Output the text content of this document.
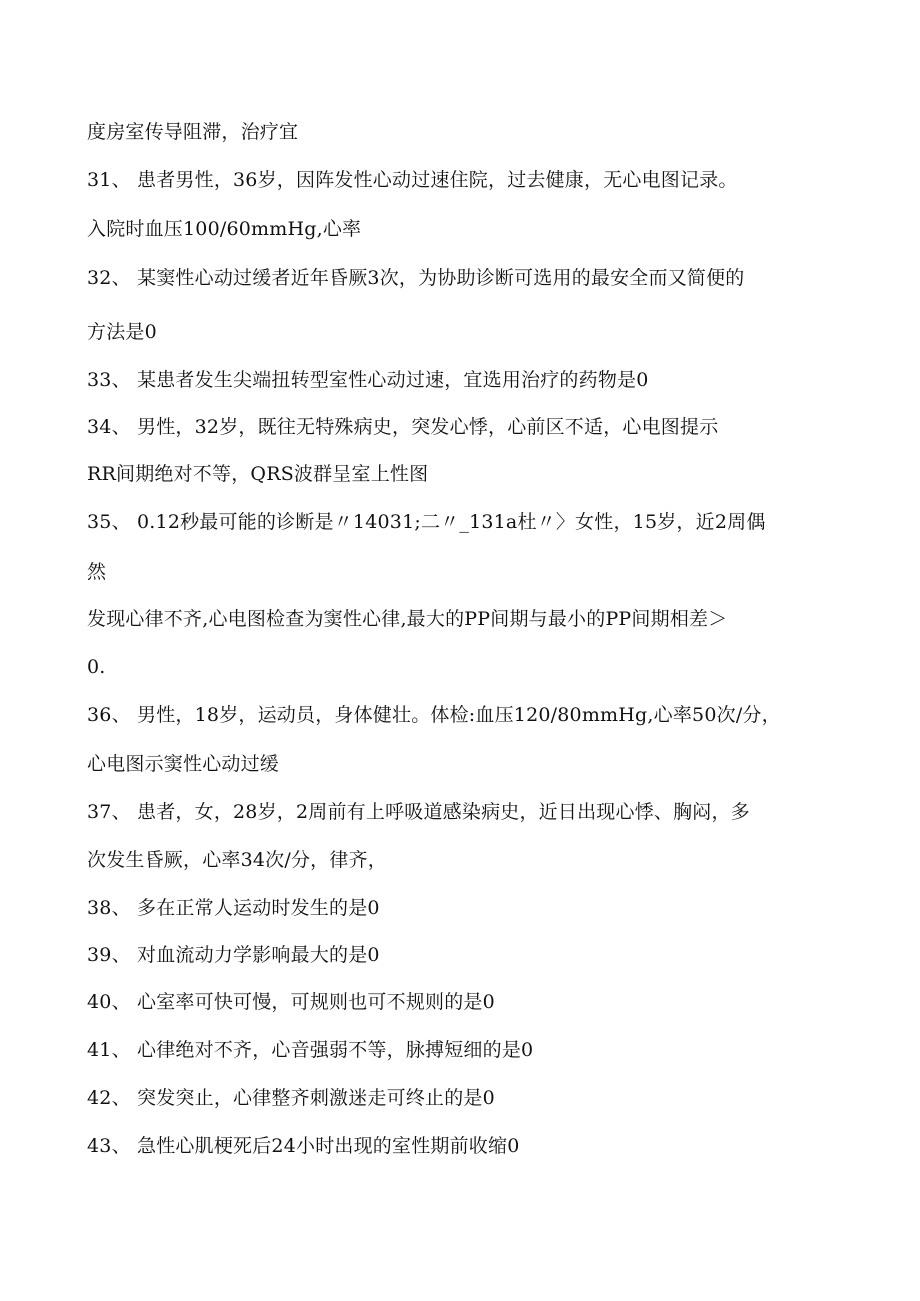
度房室传导阻滞，治疗宜
31、 患者男性，36岁，因阵发性心动过速住院，过去健康，无心电图记录。
入院时血压100/60mmHg,心率
32、 某窦性心动过缓者近年昏厥3次，为协助诊断可选用的最安全而又简便的
方法是0
33、 某患者发生尖端扭转型室性心动过速，宜选用治疗的药物是0
34、 男性，32岁，既往无特殊病史，突发心悸，心前区不适，心电图提示
RR间期绝对不等，QRS波群呈室上性图
35、 0.12秒最可能的诊断是〃14031;二〃_131a杜〃〉女性，15岁，近2周偶
然
发现心律不齐,心电图检查为窦性心律,最大的PP间期与最小的PP间期相差＞
0.
36、 男性，18岁，运动员，身体健壮。体检:血压120/80mmHg,心率50次/分，
心电图示窦性心动过缓
37、 患者，女，28岁，2周前有上呼吸道感染病史，近日出现心悸、胸闷，多
次发生昏厥，心率34次/分，律齐，
38、 多在正常人运动时发生的是0
39、 对血流动力学影响最大的是0
40、 心室率可快可慢，可规则也可不规则的是0
41、 心律绝对不齐，心音强弱不等，脉搏短细的是0
42、 突发突止，心律整齐刺激迷走可终止的是0
43、 急性心肌梗死后24小时出现的室性期前收缩0
